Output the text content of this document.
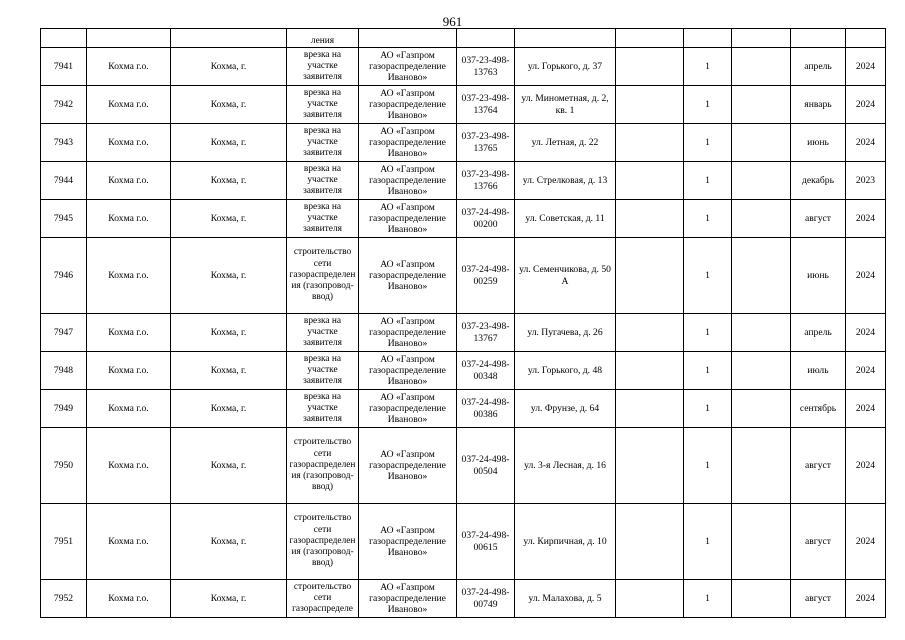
961
			ления								
7941	Кохма г.о.	Кохма, г.	врезка на участке заявителя	АО «Газпром газораспределение Иваново»	037-23-498-13763	ул. Горького, д. 37		1		апрель	2024
7942	Кохма г.о.	Кохма, г.	врезка на участке заявителя	АО «Газпром газораспределение Иваново»	037-23-498-13764	ул. Минометная, д. 2, кв. 1		1		январь	2024
7943	Кохма г.о.	Кохма, г.	врезка на участке заявителя	АО «Газпром газораспределение Иваново»	037-23-498-13765	ул. Летная, д. 22		1		июнь	2024
7944	Кохма г.о.	Кохма, г.	врезка на участке заявителя	АО «Газпром газораспределение Иваново»	037-23-498-13766	ул. Стрелковая, д. 13		1		декабрь	2023
7945	Кохма г.о.	Кохма, г.	врезка на участке заявителя	АО «Газпром газораспределение Иваново»	037-24-498-00200	ул. Советская, д. 11		1		август	2024
7946	Кохма г.о.	Кохма, г.	строительство сети газораспределения (газопровод-ввод)	АО «Газпром газораспределение Иваново»	037-24-498-00259	ул. Семенчикова, д. 50 А		1		июнь	2024
7947	Кохма г.о.	Кохма, г.	врезка на участке заявителя	АО «Газпром газораспределение Иваново»	037-23-498-13767	ул. Пугачева, д. 26		1		апрель	2024
7948	Кохма г.о.	Кохма, г.	врезка на участке заявителя	АО «Газпром газораспределение Иваново»	037-24-498-00348	ул. Горького, д. 48		1		июль	2024
7949	Кохма г.о.	Кохма, г.	врезка на участке заявителя	АО «Газпром газораспределение Иваново»	037-24-498-00386	ул. Фрунзе, д. 64		1		сентябрь	2024
7950	Кохма г.о.	Кохма, г.	строительство сети газораспределения (газопровод-ввод)	АО «Газпром газораспределение Иваново»	037-24-498-00504	ул. 3-я Лесная, д. 16		1		август	2024
7951	Кохма г.о.	Кохма, г.	строительство сети газораспределения (газопровод-ввод)	АО «Газпром газораспределение Иваново»	037-24-498-00615	ул. Кирпичная, д. 10		1		август	2024
7952	Кохма г.о.	Кохма, г.	строительство сети газораспределе	АО «Газпром газораспределение Иваново»	037-24-498-00749	ул. Малахова, д. 5		1		август	2024
